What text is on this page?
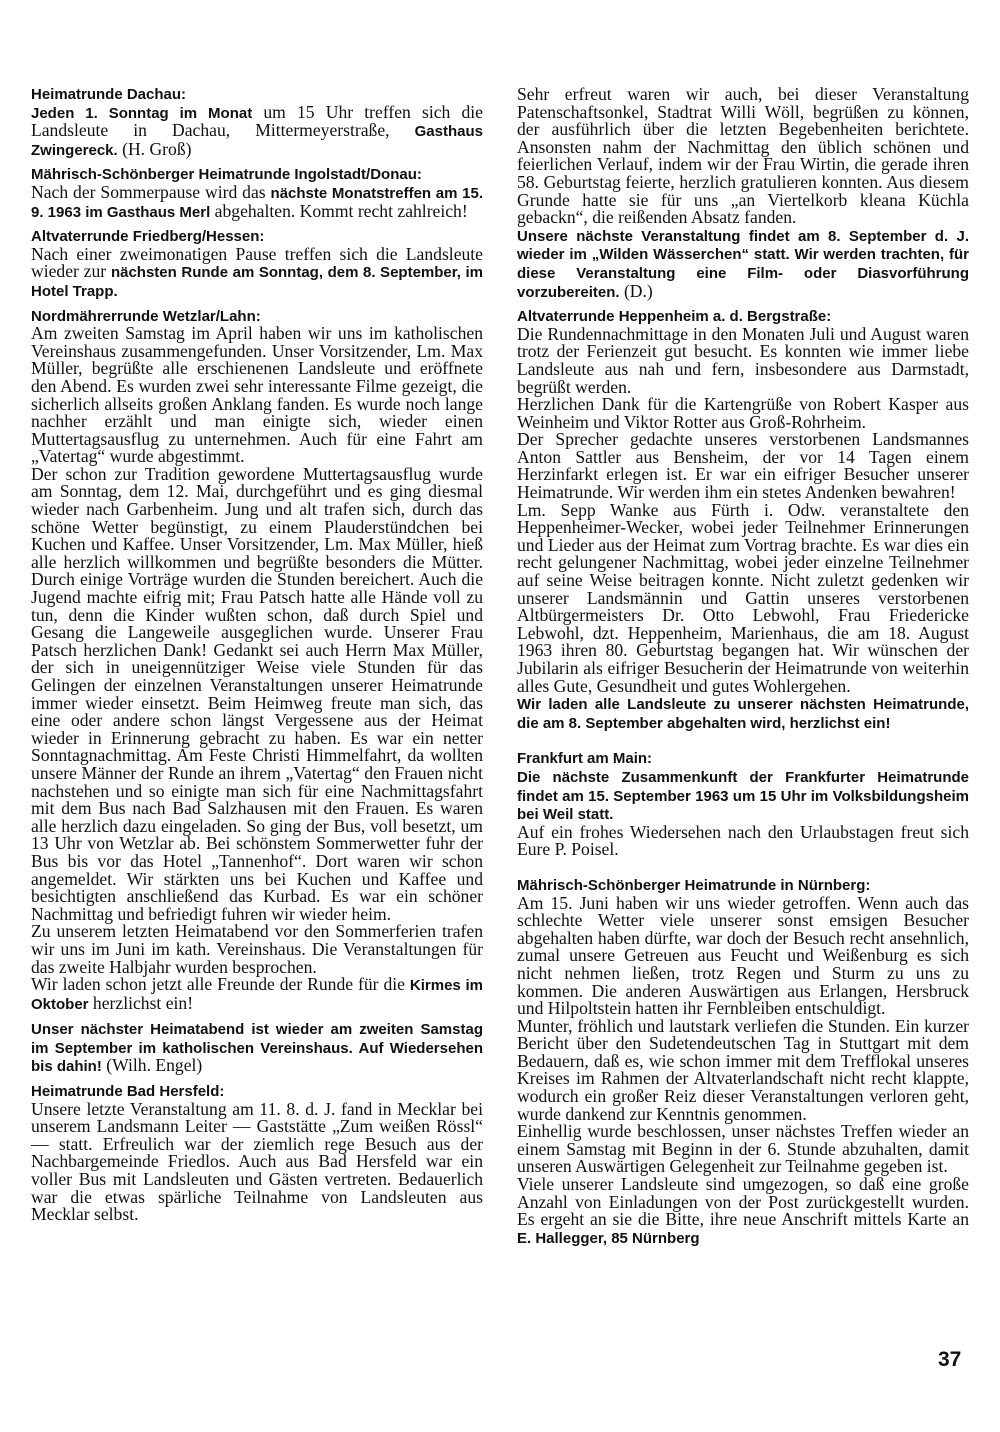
Heimatrunde Dachau:

Jeden 1. Sonntag im Monat um 15 Uhr treffen sich die Landsleute in Dachau, Mittermeyerstraße, Gasthaus Zwingereck. (H. Groß)

Mährisch-Schönberger Heimatrunde Ingolstadt/Donau:

Nach der Sommerpause wird das nächste Monatstreffen am 15. 9. 1963 im Gasthaus Merl abgehalten. Kommt recht zahlreich!

Altvaterrunde Friedberg/Hessen:

Nach einer zweimonatigen Pause treffen sich die Landsleute wieder zur nächsten Runde am Sonntag, dem 8. September, im Hotel Trapp.

Nordmährerrunde Wetzlar/Lahn:

Am zweiten Samstag im April haben wir uns im katholischen Vereinshaus zusammengefunden. Unser Vorsitzender, Lm. Max Müller, begrüßte alle erschienenen Landsleute und eröffnete den Abend. Es wurden zwei sehr interessante Filme gezeigt, die sicherlich allseits großen Anklang fanden. Es wurde noch lange nachher erzählt und man einigte sich, wieder einen Muttertagsausflug zu unternehmen. Auch für eine Fahrt am „Vatertag“ wurde abgestimmt.

Der schon zur Tradition gewordene Muttertagsausflug wurde am Sonntag, dem 12. Mai, durchgeführt und es ging diesmal wieder nach Garbenheim. Jung und alt trafen sich, durch das schöne Wetter begünstigt, zu einem Plauderstündchen bei Kuchen und Kaffee. Unser Vorsitzender, Lm. Max Müller, hieß alle herzlich willkommen und begrüßte besonders die Mütter. Durch einige Vorträge wurden die Stunden bereichert. Auch die Jugend machte eifrig mit; Frau Patsch hatte alle Hände voll zu tun, denn die Kinder wußten schon, daß durch Spiel und Gesang die Langeweile ausgeglichen wurde. Unserer Frau Patsch herzlichen Dank! Gedankt sei auch Herrn Max Müller, der sich in uneigennütziger Weise viele Stunden für das Gelingen der einzelnen Veranstaltungen unserer Heimatrunde immer wieder einsetzt. Beim Heimweg freute man sich, das eine oder andere schon längst Vergessene aus der Heimat wieder in Erinnerung gebracht zu haben. Es war ein netter Sonntagnachmittag. Am Feste Christi Himmelfahrt, da wollten unsere Männer der Runde an ihrem „Vatertag“ den Frauen nicht nachstehen und so einigte man sich für eine Nachmittagsfahrt mit dem Bus nach Bad Salzhausen mit den Frauen. Es waren alle herzlich dazu eingeladen. So ging der Bus, voll besetzt, um 13 Uhr von Wetzlar ab. Bei schönstem Sommerwetter fuhr der Bus bis vor das Hotel „Tannenhof“. Dort waren wir schon angemeldet. Wir stärkten uns bei Kuchen und Kaffee und besichtigten anschließend das Kurbad. Es war ein schöner Nachmittag und befriedigt fuhren wir wieder heim.

Zu unserem letzten Heimatabend vor den Sommerferien trafen wir uns im Juni im kath. Vereinshaus. Die Veranstaltungen für das zweite Halbjahr wurden besprochen.

Wir laden schon jetzt alle Freunde der Runde für die Kirmes im Oktober herzlichst ein!

Unser nächster Heimatabend ist wieder am zweiten Samstag im September im katholischen Vereinshaus. Auf Wiedersehen bis dahin! (Wilh. Engel)

Heimatrunde Bad Hersfeld:

Unsere letzte Veranstaltung am 11. 8. d. J. fand in Mecklar bei unserem Landsmann Leiter — Gaststätte „Zum weißen Rössl“ — statt. Erfreulich war der ziemlich rege Besuch aus der Nachbargemeinde Friedlos. Auch aus Bad Hersfeld war ein voller Bus mit Landsleuten und Gästen vertreten. Bedauerlich war die etwas spärliche Teilnahme von Landsleuten aus Mecklar selbst.

Sehr erfreut waren wir auch, bei dieser Veranstaltung Patenschaftsonkel, Stadtrat Willi Wöll, begrüßen zu können, der ausführlich über die letzten Begebenheiten berichtete. Ansonsten nahm der Nachmittag den üblich schönen und feierlichen Verlauf, indem wir der Frau Wirtin, die gerade ihren 58. Geburtstag feierte, herzlich gratulieren konnten. Aus diesem Grunde hatte sie für uns „an Viertelkorb kleana Küchla gebackn“, die reißenden Absatz fanden.

Unsere nächste Veranstaltung findet am 8. September d. J. wieder im „Wilden Wässerchen“ statt. Wir werden trachten, für diese Veranstaltung eine Film- oder Diasvorführung vorzubereiten. (D.)

Altvaterrunde Heppenheim a. d. Bergstraße:

Die Rundennachmittage in den Monaten Juli und August waren trotz der Ferienzeit gut besucht. Es konnten wie immer liebe Landsleute aus nah und fern, insbesondere aus Darmstadt, begrüßt werden.

Herzlichen Dank für die Kartengrüße von Robert Kasper aus Weinheim und Viktor Rotter aus Groß-Rohrheim.

Der Sprecher gedachte unseres verstorbenen Landsmannes Anton Sattler aus Bensheim, der vor 14 Tagen einem Herzinfarkt erlegen ist. Er war ein eifriger Besucher unserer Heimatrunde. Wir werden ihm ein stetes Andenken bewahren!

Lm. Sepp Wanke aus Fürth i. Odw. veranstaltete den Heppenheimer-Wecker, wobei jeder Teilnehmer Erinnerungen und Lieder aus der Heimat zum Vortrag brachte. Es war dies ein recht gelungener Nachmittag, wobei jeder einzelne Teilnehmer auf seine Weise beitragen konnte. Nicht zuletzt gedenken wir unserer Landsmännin und Gattin unseres verstorbenen Altbürgermeisters Dr. Otto Lebwohl, Frau Friedericke Lebwohl, dzt. Heppenheim, Marienhaus, die am 18. August 1963 ihren 80. Geburtstag begangen hat. Wir wünschen der Jubilarin als eifriger Besucherin der Heimatrunde von weiterhin alles Gute, Gesundheit und gutes Wohlergehen.

Wir laden alle Landsleute zu unserer nächsten Heimatrunde, die am 8. September abgehalten wird, herzlichst ein!

Frankfurt am Main:

Die nächste Zusammenkunft der Frankfurter Heimatrunde findet am 15. September 1963 um 15 Uhr im Volksbildungsheim bei Weil statt.

Auf ein frohes Wiedersehen nach den Urlaubstagen freut sich Eure P. Poisel.

Mährisch-Schönberger Heimatrunde in Nürnberg:

Am 15. Juni haben wir uns wieder getroffen. Wenn auch das schlechte Wetter viele unserer sonst emsigen Besucher abgehalten haben dürfte, war doch der Besuch recht ansehnlich, zumal unsere Getreuen aus Feucht und Weißenburg es sich nicht nehmen ließen, trotz Regen und Sturm zu uns zu kommen. Die anderen Auswärtigen aus Erlangen, Hersbruck und Hilpoltstein hatten ihr Fernbleiben entschuldigt.

Munter, fröhlich und lautstark verliefen die Stunden. Ein kurzer Bericht über den Sudetendeutschen Tag in Stuttgart mit dem Bedauern, daß es, wie schon immer mit dem Trefflokal unseres Kreises im Rahmen der Altvaterlandschaft nicht recht klappte, wodurch ein großer Reiz dieser Veranstaltungen verloren geht, wurde dankend zur Kenntnis genommen.

Einhellig wurde beschlossen, unser nächstes Treffen wieder an einem Samstag mit Beginn in der 6. Stunde abzuhalten, damit unseren Auswärtigen Gelegenheit zur Teilnahme gegeben ist.

Viele unserer Landsleute sind umgezogen, so daß eine große Anzahl von Einladungen von der Post zurückgestellt wurden. Es ergeht an sie die Bitte, ihre neue Anschrift mittels Karte an E. Hallegger, 85 Nürnberg

37
